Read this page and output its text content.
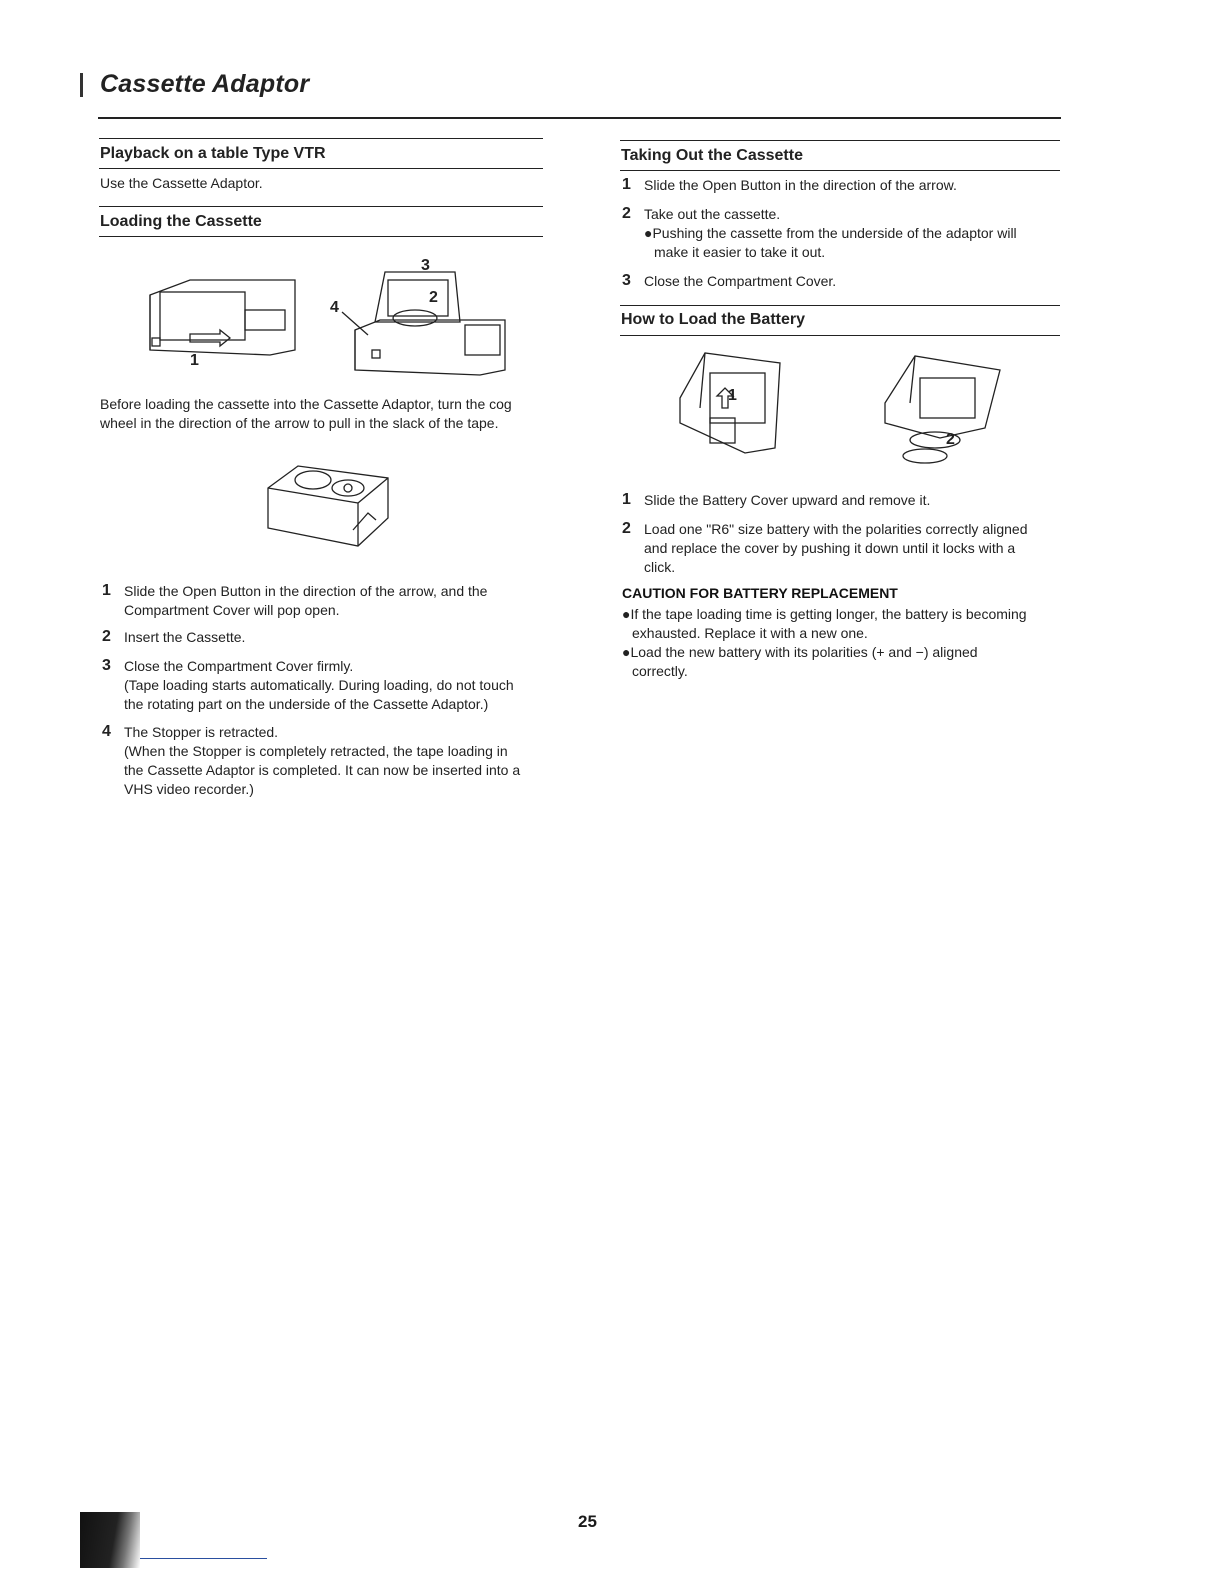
Cassette Adaptor
Playback on a table Type VTR
Use the Cassette Adaptor.
Loading the Cassette
1
4
3
2
Before loading the cassette into the Cassette Adaptor, turn the cog
wheel in the direction of the arrow to pull in the slack of the tape.
1 Slide the Open Button in the direction of the arrow, and the

Compartment Cover will pop open.

2 Insert the Cassette.

3 Close the Compartment Cover firmly.

(Tape loading starts automatically. During loading, do not touch

the rotating part on the underside of the Cassette Adaptor.)

4 The Stopper is retracted.

(When the Stopper is completely retracted, the tape loading in

the Cassette Adaptor is completed. It can now be inserted into a

VHS video recorder.)

Taking Out the Cassette
1 Slide the Open Button in the direction of the arrow.

2 Take out the cassette.

●Pushing the cassette from the underside of the adaptor will

make it easier to take it out.

3 Close the Compartment Cover.

How to Load the Battery
1
2
1 Slide the Battery Cover upward and remove it.

2 Load one "R6" size battery with the polarities correctly aligned

and replace the cover by pushing it down until it locks with a

click.

CAUTION FOR BATTERY REPLACEMENT
●If the tape loading time is getting longer, the battery is becoming
exhausted. Replace it with a new one.
●Load the new battery with its polarities (+ and −) aligned
correctly.
25
